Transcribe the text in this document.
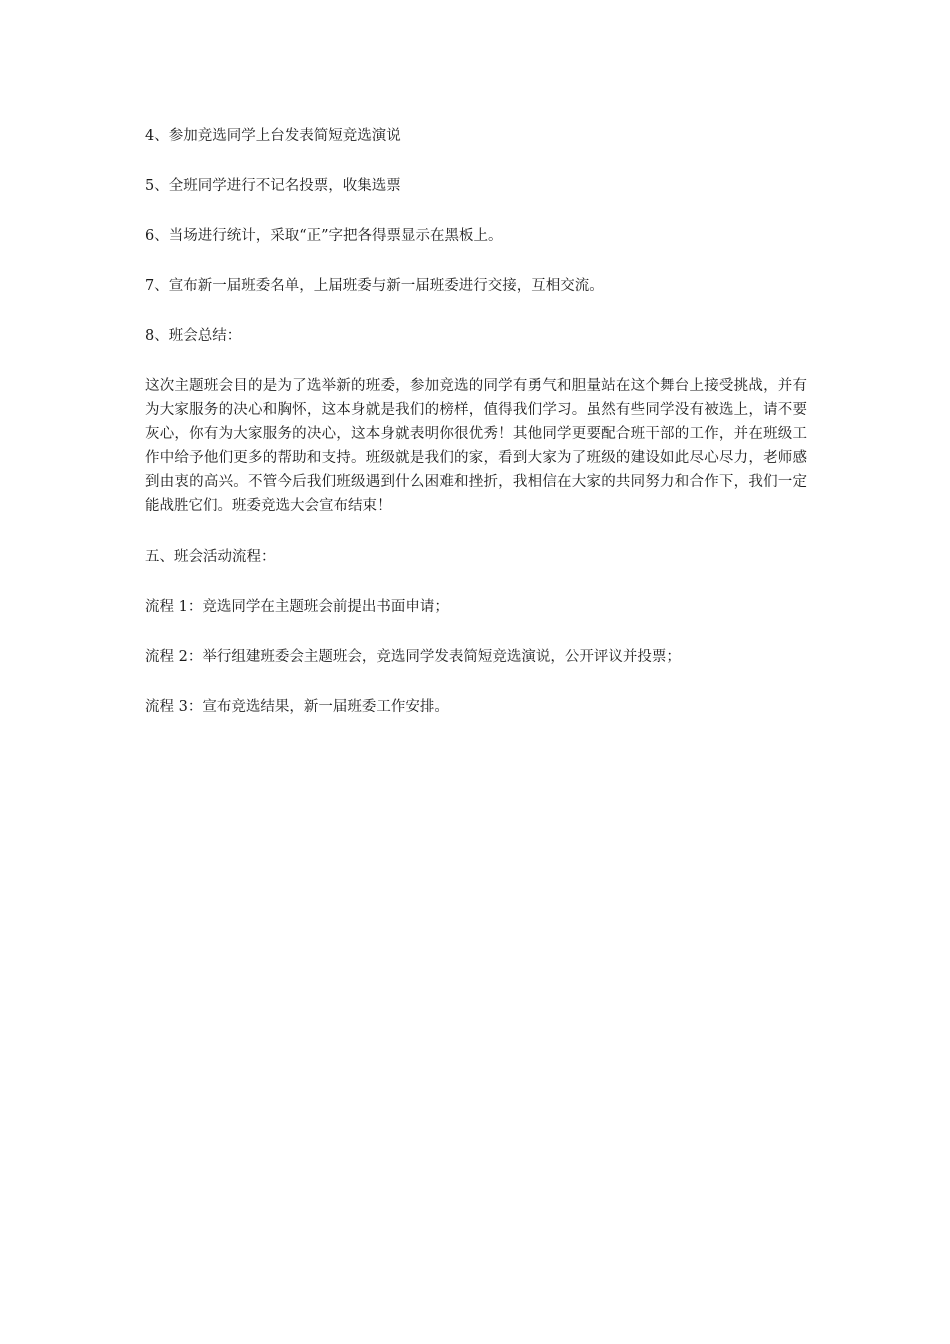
4、参加竞选同学上台发表简短竞选演说

5、全班同学进行不记名投票，收集选票

6、当场进行统计，采取“正”字把各得票显示在黑板上。

7、宣布新一届班委名单，上届班委与新一届班委进行交接，互相交流。

8、班会总结：

这次主题班会目的是为了选举新的班委，参加竞选的同学有勇气和胆量站在这个舞台上接受挑战，并有为大家服务的决心和胸怀，这本身就是我们的榜样，值得我们学习。虽然有些同学没有被选上，请不要灰心，你有为大家服务的决心，这本身就表明你很优秀！其他同学更要配合班干部的工作，并在班级工作中给予他们更多的帮助和支持。班级就是我们的家，看到大家为了班级的建设如此尽心尽力，老师感到由衷的高兴。不管今后我们班级遇到什么困难和挫折，我相信在大家的共同努力和合作下，我们一定能战胜它们。班委竞选大会宣布结束！

五、班会活动流程：

流程 1：竞选同学在主题班会前提出书面申请；

流程 2：举行组建班委会主题班会，竞选同学发表简短竞选演说，公开评议并投票；

流程 3：宣布竞选结果，新一届班委工作安排。
